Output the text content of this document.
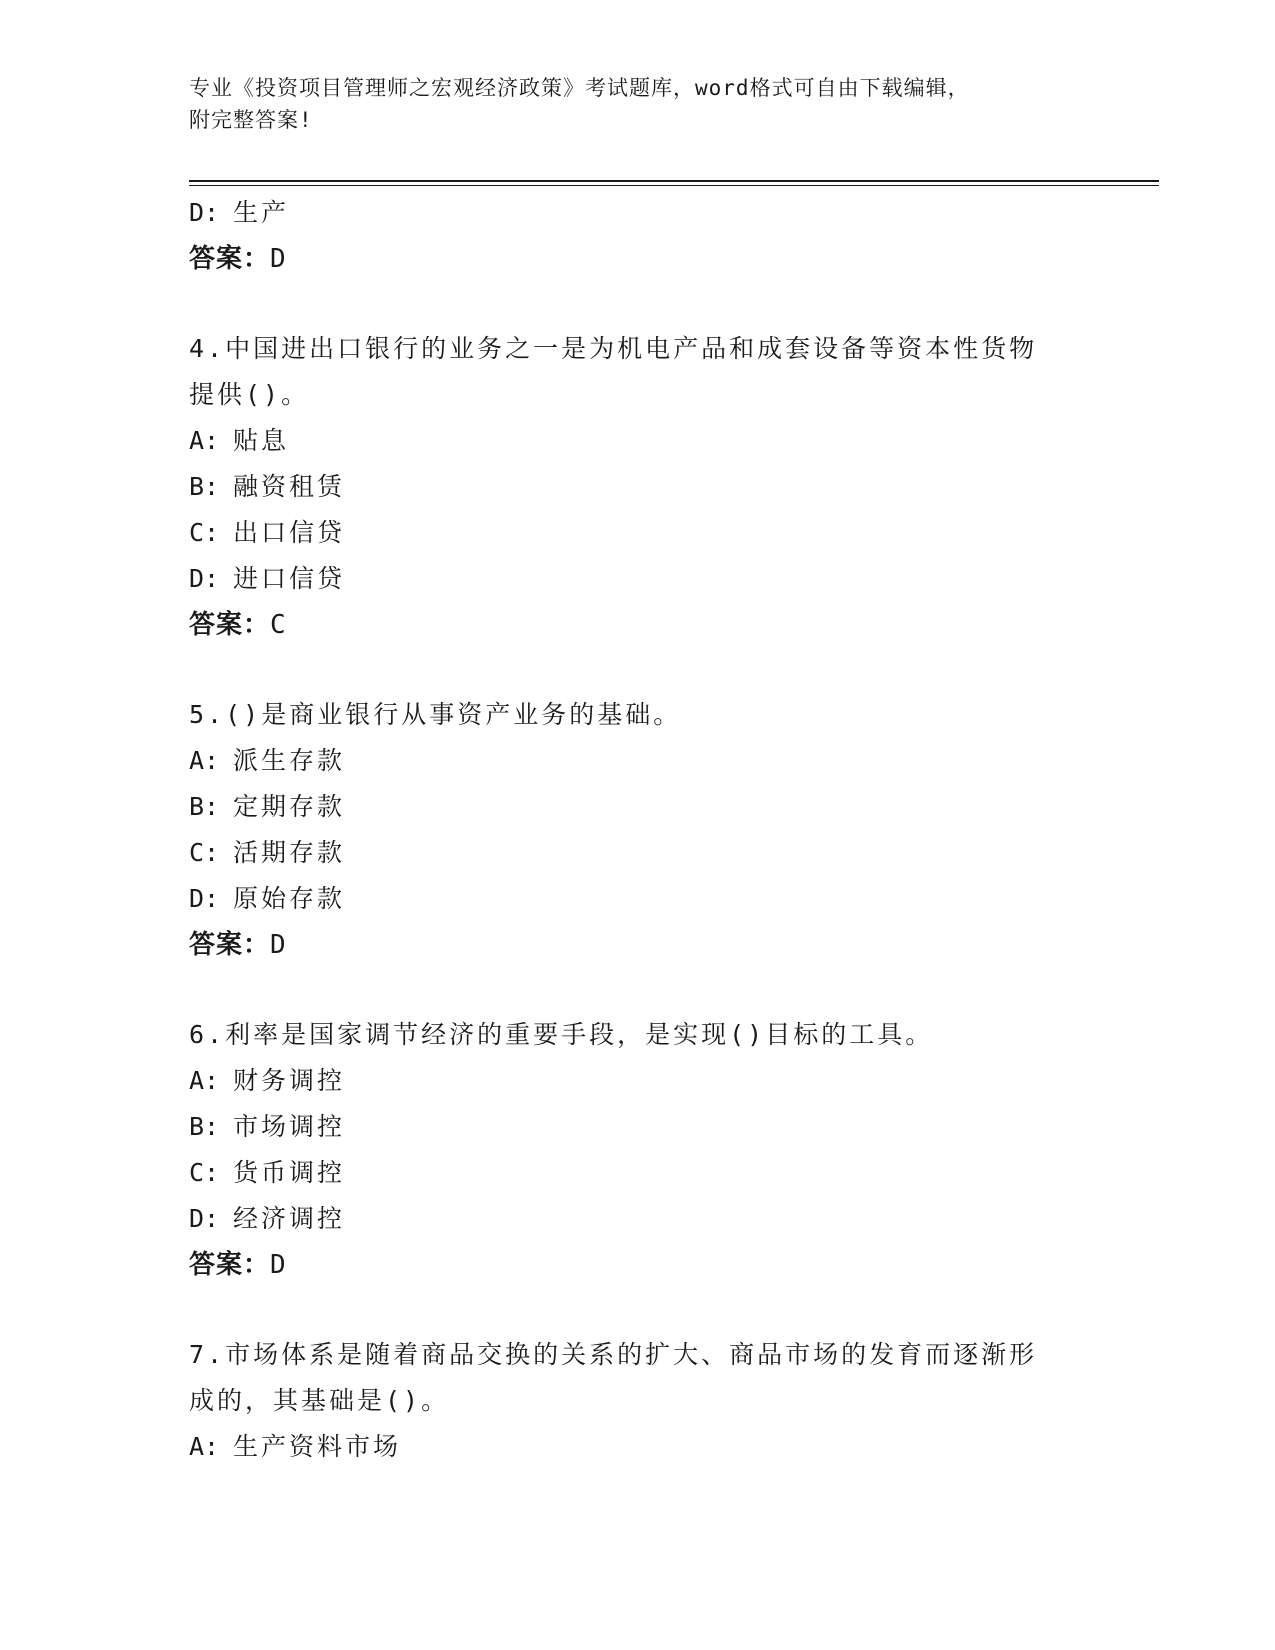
专业《投资项目管理师之宏观经济政策》考试题库，word格式可自由下载编辑，
附完整答案!
D: 生产
答案：D
4.中国进出口银行的业务之一是为机电产品和成套设备等资本性货物
提供()。
A: 贴息
B: 融资租赁
C: 出口信贷
D: 进口信贷
答案：C
5.()是商业银行从事资产业务的基础。
A: 派生存款
B: 定期存款
C: 活期存款
D: 原始存款
答案：D
6.利率是国家调节经济的重要手段，是实现()目标的工具。
A: 财务调控
B: 市场调控
C: 货币调控
D: 经济调控
答案：D
7.市场体系是随着商品交换的关系的扩大、商品市场的发育而逐渐形
成的，其基础是()。
A: 生产资料市场
